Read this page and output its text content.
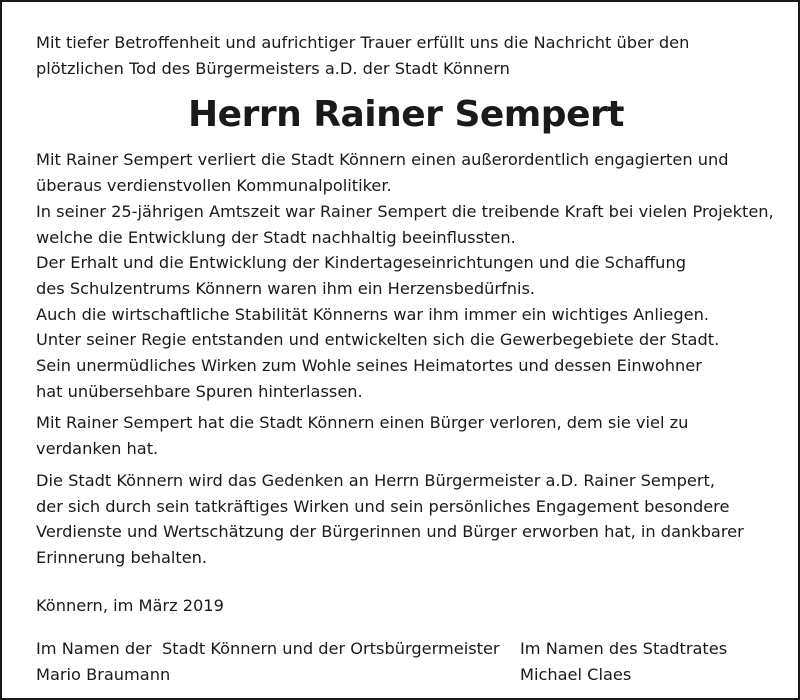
Mit tiefer Betroffenheit und aufrichtiger Trauer erfüllt uns die Nachricht über den
plötzlichen Tod des Bürgermeisters a.D. der Stadt Könnern

Herrn Rainer Sempert

Mit Rainer Sempert verliert die Stadt Könnern einen außerordentlich engagierten und
überaus verdienstvollen Kommunalpolitiker.
In seiner 25-jährigen Amtszeit war Rainer Sempert die treibende Kraft bei vielen Projekten,
welche die Entwicklung der Stadt nachhaltig beeinflussten.
Der Erhalt und die Entwicklung der Kindertageseinrichtungen und die Schaffung
des Schulzentrums Könnern waren ihm ein Herzensbedürfnis.
Auch die wirtschaftliche Stabilität Könnerns war ihm immer ein wichtiges Anliegen.
Unter seiner Regie entstanden und entwickelten sich die Gewerbegebiete der Stadt.
Sein unermüdliches Wirken zum Wohle seines Heimatortes und dessen Einwohner
hat unübersehbare Spuren hinterlassen.

Mit Rainer Sempert hat die Stadt Könnern einen Bürger verloren, dem sie viel zu
verdanken hat.

Die Stadt Könnern wird das Gedenken an Herrn Bürgermeister a.D. Rainer Sempert,
der sich durch sein tatkräftiges Wirken und sein persönliches Engagement besondere
Verdienste und Wertschätzung der Bürgerinnen und Bürger erworben hat, in dankbarer
Erinnerung behalten.

Könnern, im März 2019

Im Namen der  Stadt Könnern und der Ortsbürgermeister
Mario Braumann
Im Namen des Stadtrates
Michael Claes
